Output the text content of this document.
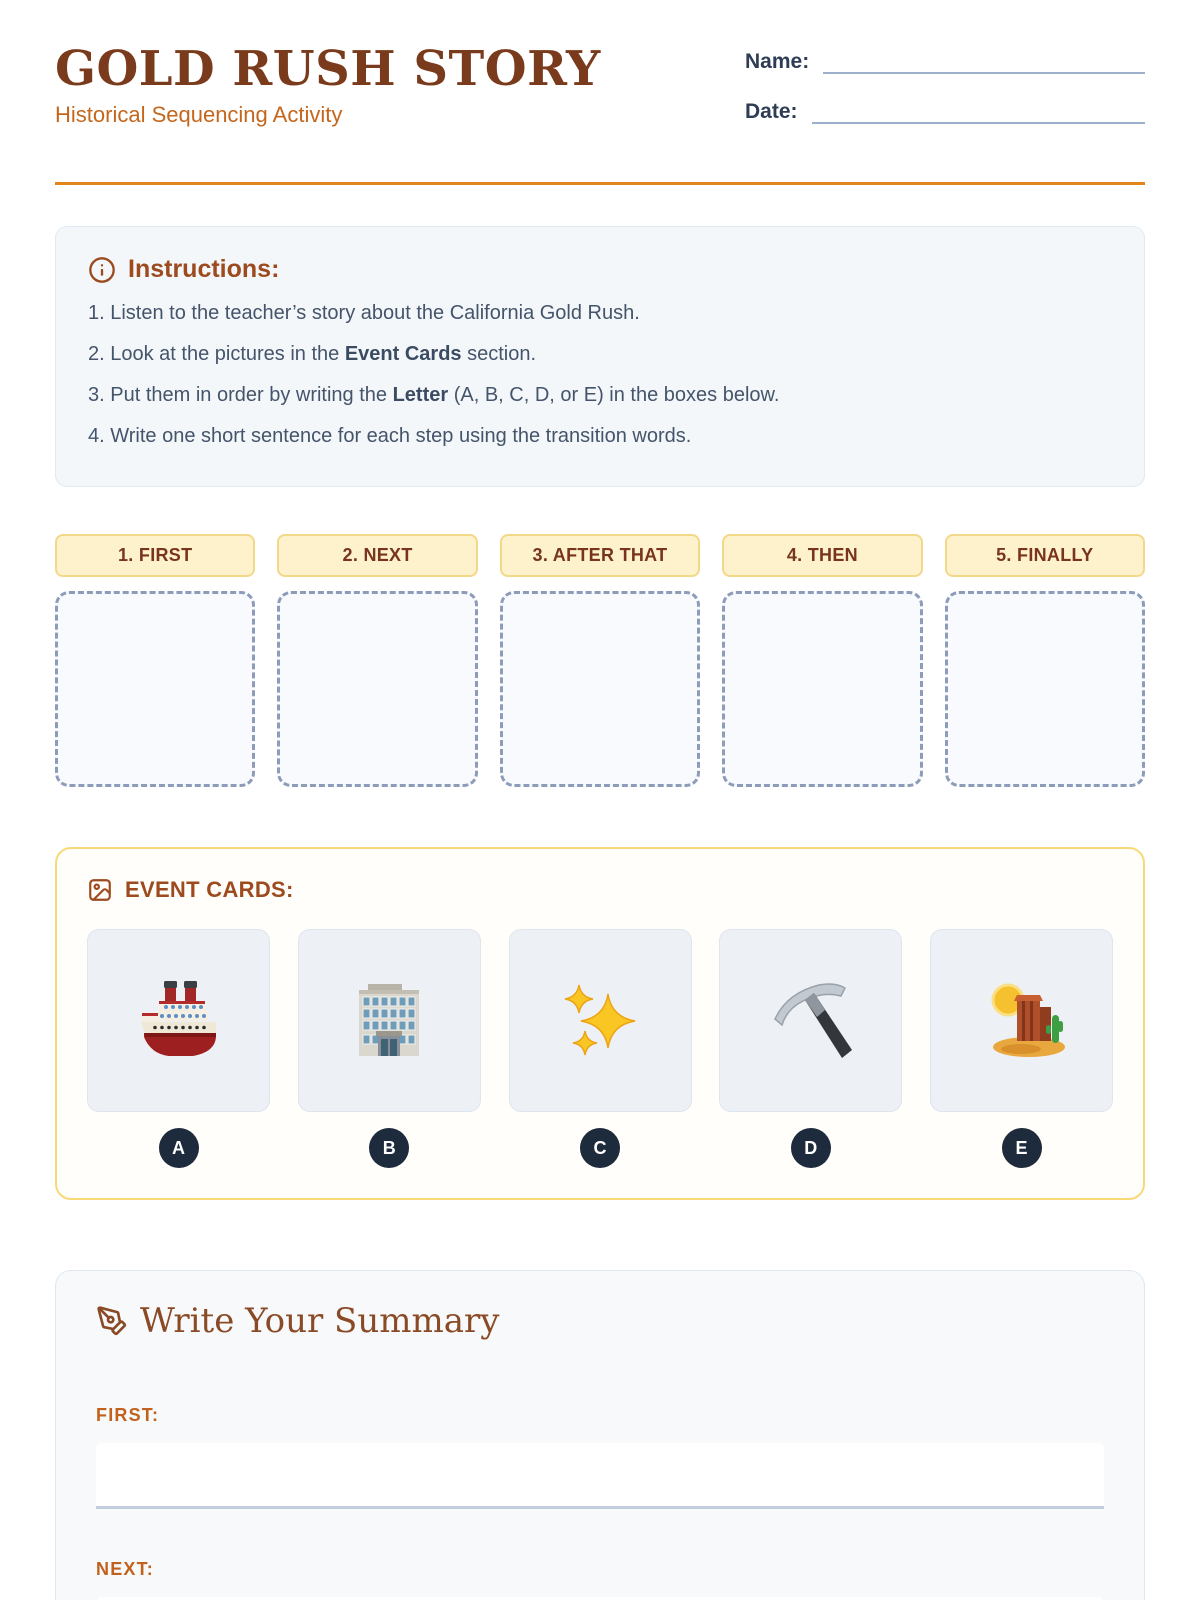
GOLD RUSH STORY
Historical Sequencing Activity
Name:
Date:
Instructions:
1. Listen to the teacher’s story about the California Gold Rush.
2. Look at the pictures in the Event Cards section.
3. Put them in order by writing the Letter (A, B, C, D, or E) in the boxes below.
4. Write one short sentence for each step using the transition words.
1. FIRST	2. NEXT	3. AFTER THAT	4. THEN	5. FINALLY
EVENT CARDS:
A	B	C	D	E
Write Your Summary
FIRST:
NEXT:
